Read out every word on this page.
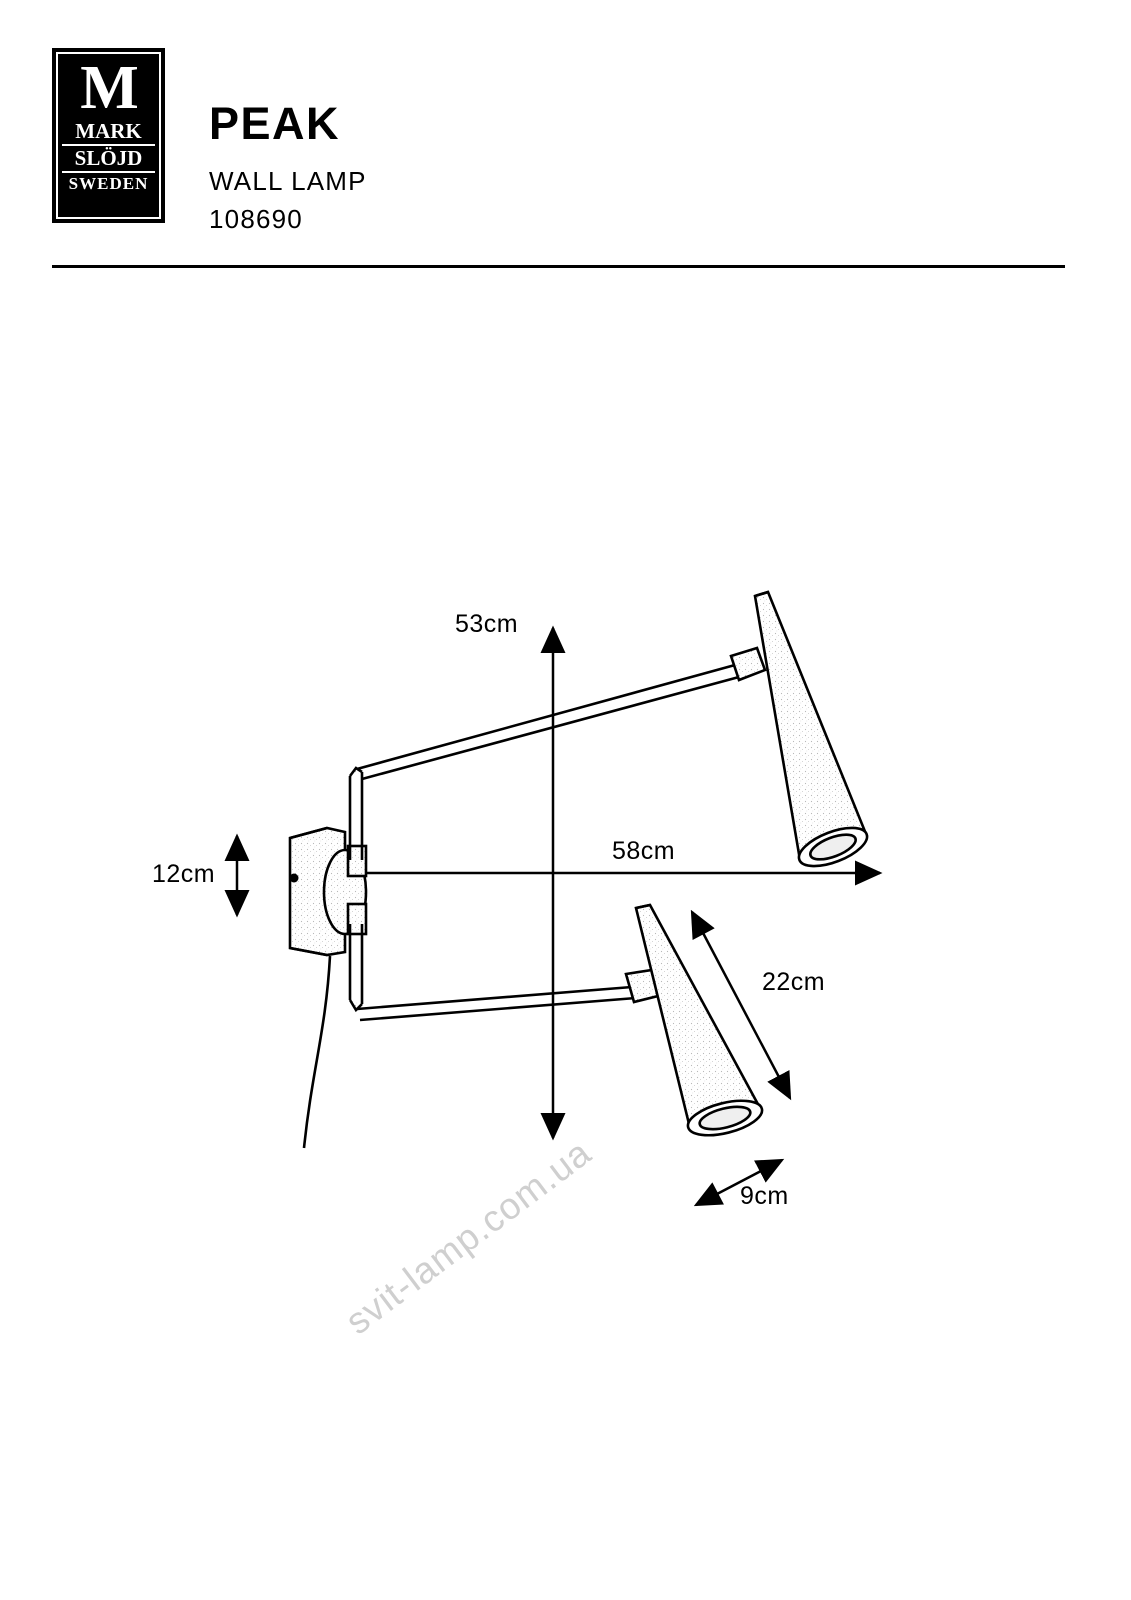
M
MARK
SLÖJD
SWEDEN
PEAK
WALL LAMP
108690
53cm
58cm
12cm
22cm
9cm
svit-lamp.com.ua
